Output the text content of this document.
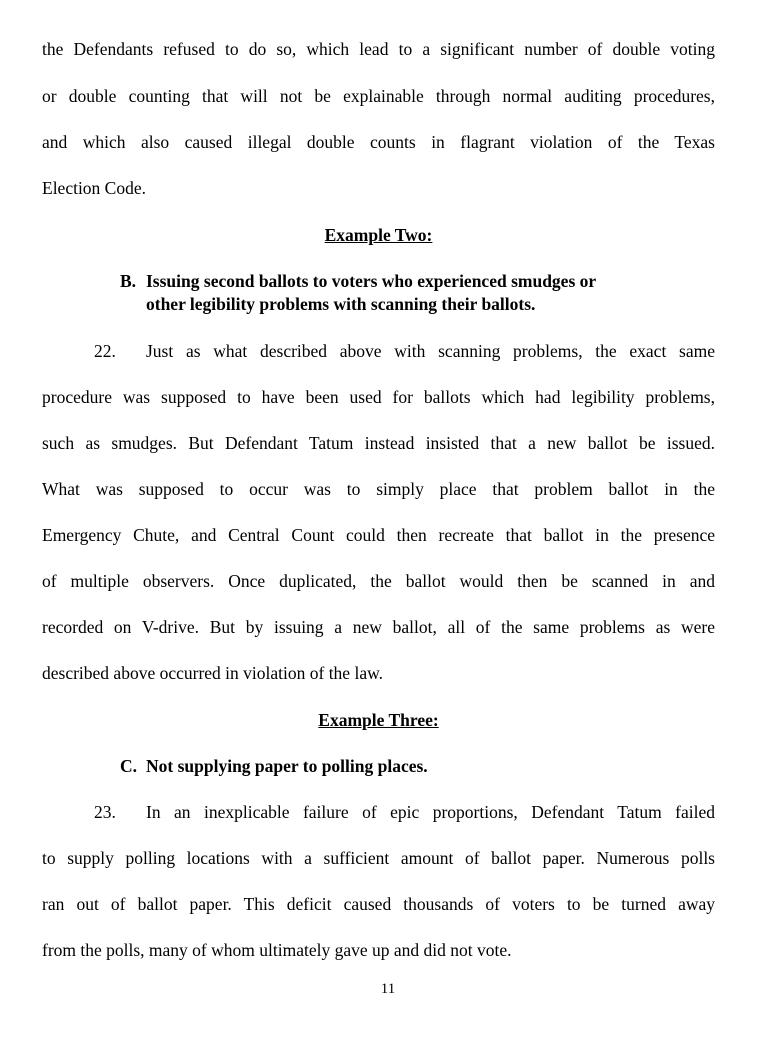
the Defendants refused to do so, which lead to a significant number of double voting
or double counting that will not be explainable through normal auditing procedures,
and which also caused illegal double counts in flagrant violation of the Texas
Election Code.
Example Two:
B. Issuing second ballots to voters who experienced smudges or
other legibility problems with scanning their ballots.
22. Just as what described above with scanning problems, the exact same
procedure was supposed to have been used for ballots which had legibility problems,
such as smudges. But Defendant Tatum instead insisted that a new ballot be issued.
What was supposed to occur was to simply place that problem ballot in the
Emergency Chute, and Central Count could then recreate that ballot in the presence
of multiple observers. Once duplicated, the ballot would then be scanned in and
recorded on V-drive. But by issuing a new ballot, all of the same problems as were
described above occurred in violation of the law.
Example Three:
C. Not supplying paper to polling places.
23. In an inexplicable failure of epic proportions, Defendant Tatum failed
to supply polling locations with a sufficient amount of ballot paper. Numerous polls
ran out of ballot paper. This deficit caused thousands of voters to be turned away
from the polls, many of whom ultimately gave up and did not vote.
11
